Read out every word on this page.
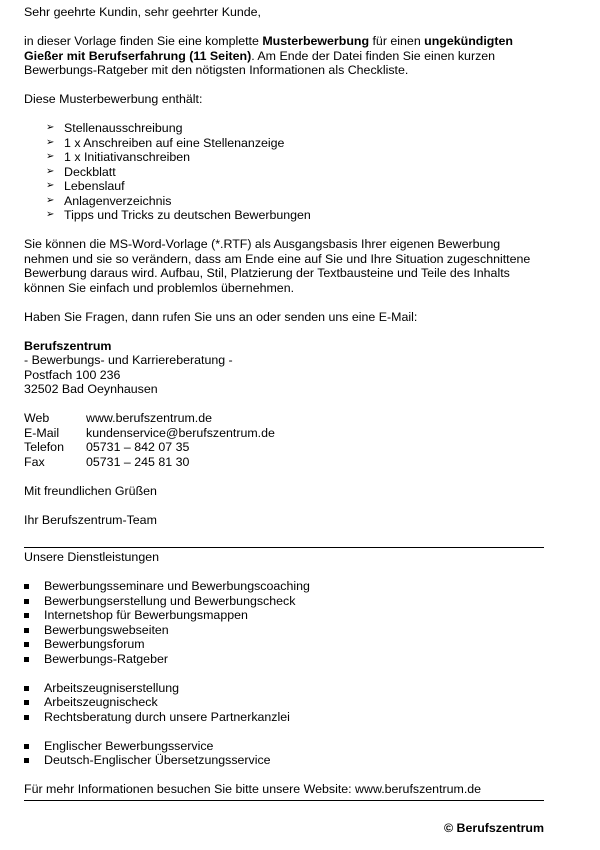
Sehr geehrte Kundin, sehr geehrter Kunde,
in dieser Vorlage finden Sie eine komplette Musterbewerbung für einen ungekündigten
Gießer mit Berufserfahrung (11 Seiten). Am Ende der Datei finden Sie einen kurzen
Bewerbungs-Ratgeber mit den nötigsten Informationen als Checkliste.
Diese Musterbewerbung enthält:
➢ Stellenausschreibung
➢ 1 x Anschreiben auf eine Stellenanzeige
➢ 1 x Initiativanschreiben
➢ Deckblatt
➢ Lebenslauf
➢ Anlagenverzeichnis
➢ Tipps und Tricks zu deutschen Bewerbungen
Sie können die MS-Word-Vorlage (*.RTF) als Ausgangsbasis Ihrer eigenen Bewerbung
nehmen und sie so verändern, dass am Ende eine auf Sie und Ihre Situation zugeschnittene
Bewerbung daraus wird. Aufbau, Stil, Platzierung der Textbausteine und Teile des Inhalts
können Sie einfach und problemlos übernehmen.
Haben Sie Fragen, dann rufen Sie uns an oder senden uns eine E-Mail:
Berufszentrum
- Bewerbungs- und Karriereberatung -
Postfach 100 236
32502 Bad Oeynhausen
Web	www.berufszentrum.de
E-Mail	kundenservice@berufszentrum.de
Telefon	05731 – 842 07 35
Fax	05731 – 245 81 30
Mit freundlichen Grüßen
Ihr Berufszentrum-Team
Unsere Dienstleistungen
Bewerbungsseminare und Bewerbungscoaching
Bewerbungserstellung und Bewerbungscheck
Internetshop für Bewerbungsmappen
Bewerbungswebseiten
Bewerbungsforum
Bewerbungs-Ratgeber
Arbeitszeugniserstellung
Arbeitszeugnischeck
Rechtsberatung durch unsere Partnerkanzlei
Englischer Bewerbungsservice
Deutsch-Englischer Übersetzungsservice
Für mehr Informationen besuchen Sie bitte unsere Website: www.berufszentrum.de
© Berufszentrum
